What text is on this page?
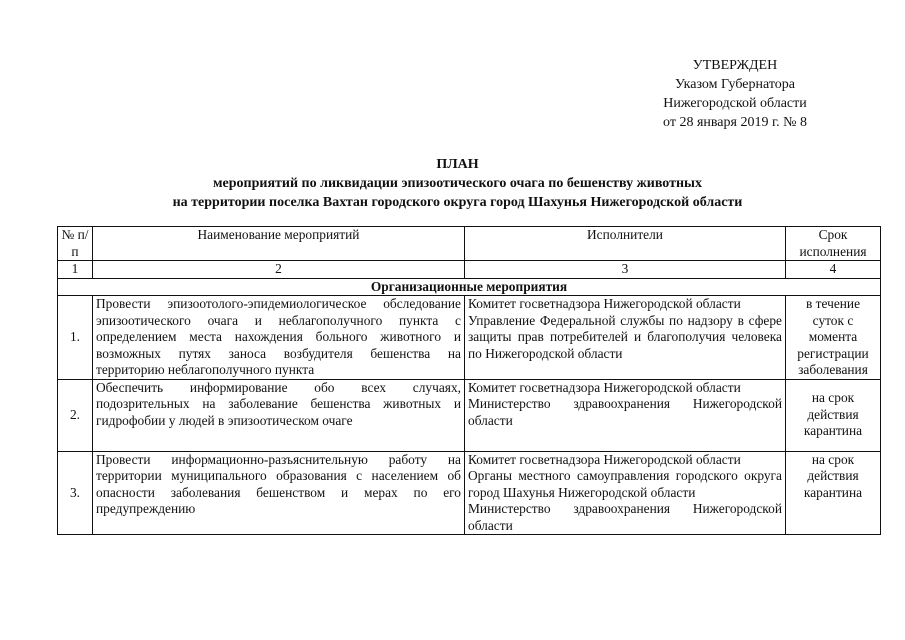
УТВЕРЖДЕН
Указом Губернатора
Нижегородской области
от 28 января 2019 г. № 8
ПЛАН
мероприятий по ликвидации эпизоотического очага по бешенству животных
на территории поселка Вахтан городского округа город Шахунья Нижегородской области
№ п/п	Наименование мероприятий	Исполнители	Срок исполнения
1	2	3	4
Организационные мероприятия			
1.	Провести эпизоотолого-эпидемиологическое обследование эпизоотического очага и неблагополучного пункта с определением места нахождения больного животного и возможных путях заноса возбудителя бешенства на территорию неблагополучного пункта	Комитет госветнадзора Нижегородской области
Управление Федеральной службы по надзору в сфере защиты прав потребителей и благополучия человека по Нижегородской области	в течение суток с момента регистрации заболевания
2.	Обеспечить информирование обо всех случаях, подозрительных на заболевание бешенства животных и гидрофобии у людей в эпизоотическом очаге	Комитет госветнадзора Нижегородской области
Министерство здравоохранения Нижегородской области	на срок действия карантина
3.	Провести информационно-разъяснительную работу на территории муниципального образования с населением об опасности заболевания бешенством и мерах по его предупреждению	Комитет госветнадзора Нижегородской области
Органы местного самоуправления городского округа город Шахунья Нижегородской области
Министерство здравоохранения Нижегородской области	на срок действия карантина
